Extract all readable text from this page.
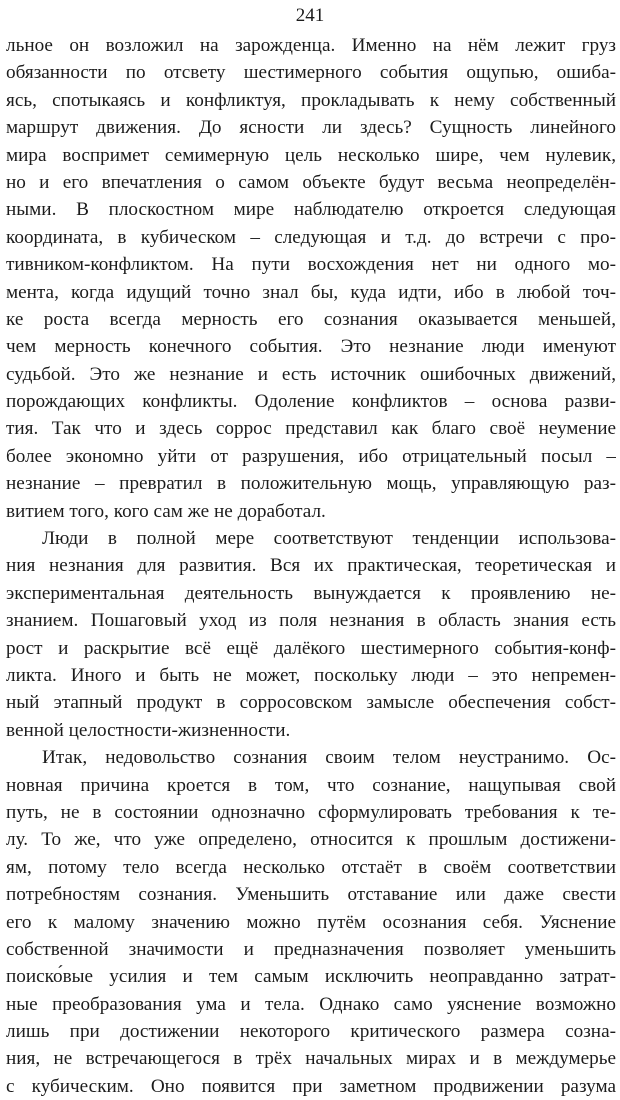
241
льное он возложил на зарожденца. Именно на нём лежит груз
обязанности по отсвету шестимерного события ощупью, ошиба-
ясь, спотыкаясь и конфликтуя, прокладывать к нему собственный
маршрут движения. До ясности ли здесь? Сущность линейного
мира воспримет семимерную цель несколько шире, чем нулевик,
но и его впечатления о самом объекте будут весьма неопределён-
ными. В плоскостном мире наблюдателю откроется следующая
координата, в кубическом – следующая и т.д. до встречи с про-
тивником-конфликтом. На пути восхождения нет ни одного мо-
мента, когда идущий точно знал бы, куда идти, ибо в любой точ-
ке роста всегда мерность его сознания оказывается меньшей,
чем мерность конечного события. Это незнание люди именуют
судьбой. Это же незнание и есть источник ошибочных движений,
порождающих конфликты. Одоление конфликтов – основа разви-
тия. Так что и здесь соррос представил как благо своё неумение
более экономно уйти от разрушения, ибо отрицательный посыл –
незнание – превратил в положительную мощь, управляющую раз-
витием того, кого сам же не доработал.
Люди в полной мере соответствуют тенденции использова-
ния незнания для развития. Вся их практическая, теоретическая и
экспериментальная деятельность вынуждается к проявлению не-
знанием. Пошаговый уход из поля незнания в область знания есть
рост и раскрытие всё ещё далёкого шестимерного события-конф-
ликта. Иного и быть не может, поскольку люди – это непремен-
ный этапный продукт в сорросовском замысле обеспечения собст-
венной целостности-жизненности.
Итак, недовольство сознания своим телом неустранимо. Ос-
новная причина кроется в том, что сознание, нащупывая свой
путь, не в состоянии однозначно сформулировать требования к те-
лу. То же, что уже определено, относится к прошлым достижени-
ям, потому тело всегда несколько отстаёт в своём соответствии
потребностям сознания. Уменьшить отставание или даже свести
его к малому значению можно путём осознания себя. Уяснение
собственной значимости и предназначения позволяет уменьшить
поиско́вые усилия и тем самым исключить неоправданно затрат-
ные преобразования ума и тела. Однако само уяснение возможно
лишь при достижении некоторого критического размера созна-
ния, не встречающегося в трёх начальных мирах и в междумерье
с кубическим. Оно появится при заметном продвижении разума
